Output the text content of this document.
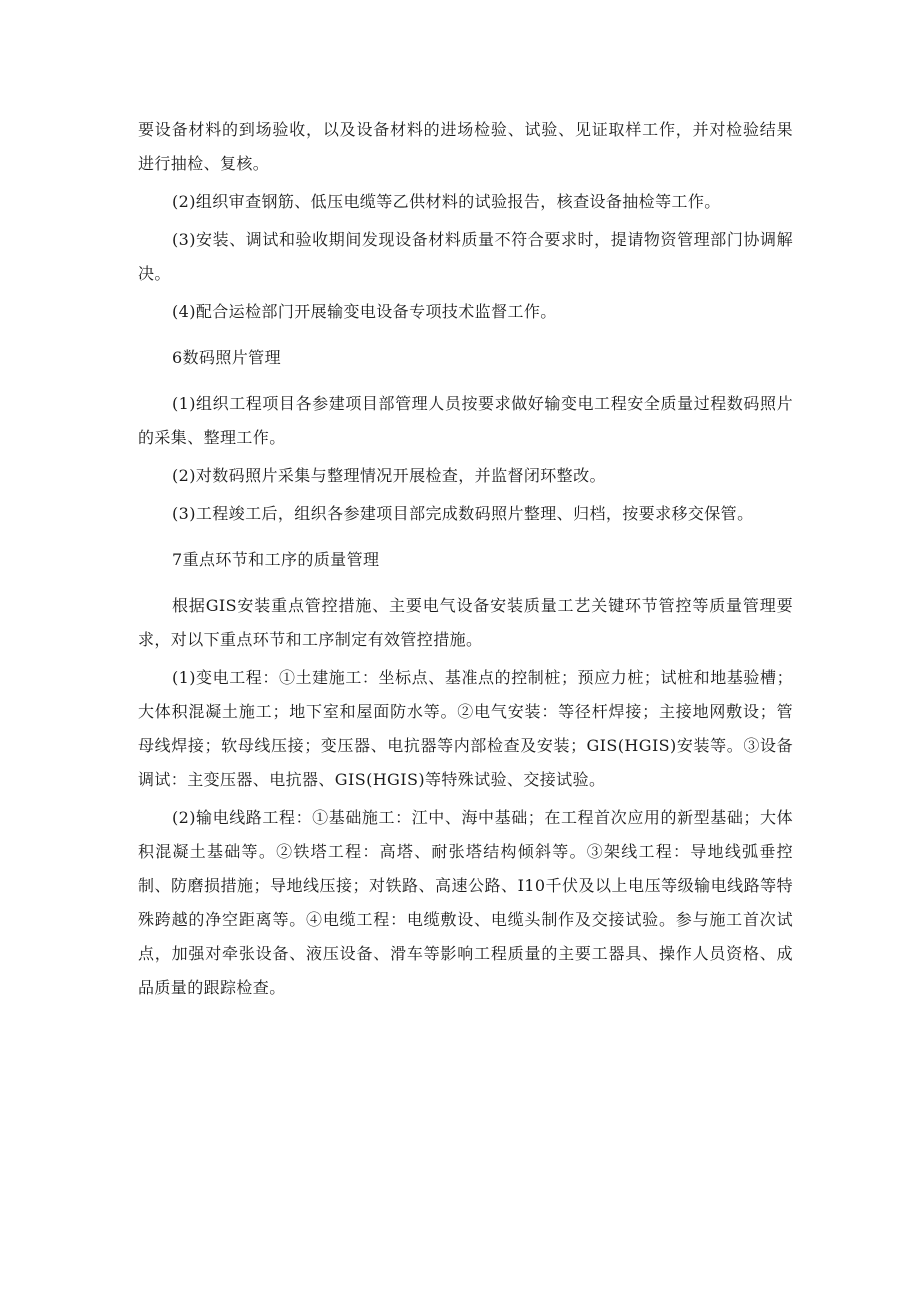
要设备材料的到场验收，以及设备材料的进场检验、试验、见证取样工作，并对检验结果进行抽检、复核。

(2)组织审查钢筋、低压电缆等乙供材料的试验报告，核查设备抽检等工作。

(3)安装、调试和验收期间发现设备材料质量不符合要求时，提请物资管理部门协调解决。

(4)配合运检部门开展输变电设备专项技术监督工作。

6数码照片管理

(1)组织工程项目各参建项目部管理人员按要求做好输变电工程安全质量过程数码照片的采集、整理工作。

(2)对数码照片采集与整理情况开展检查，并监督闭环整改。

(3)工程竣工后，组织各参建项目部完成数码照片整理、归档，按要求移交保管。

7重点环节和工序的质量管理

根据GIS安装重点管控措施、主要电气设备安装质量工艺关键环节管控等质量管理要求，对以下重点环节和工序制定有效管控措施。

(1)变电工程：①土建施工：坐标点、基准点的控制桩；预应力桩；试桩和地基验槽；大体积混凝土施工；地下室和屋面防水等。②电气安装：等径杆焊接；主接地网敷设；管母线焊接；软母线压接；变压器、电抗器等内部检查及安装；GIS(HGIS)安装等。③设备调试：主变压器、电抗器、GIS(HGIS)等特殊试验、交接试验。

(2)输电线路工程：①基础施工：江中、海中基础；在工程首次应用的新型基础；大体积混凝土基础等。②铁塔工程：高塔、耐张塔结构倾斜等。③架线工程：导地线弧垂控制、防磨损措施；导地线压接；对铁路、高速公路、I10千伏及以上电压等级输电线路等特殊跨越的净空距离等。④电缆工程：电缆敷设、电缆头制作及交接试验。参与施工首次试点，加强对牵张设备、液压设备、滑车等影响工程质量的主要工器具、操作人员资格、成品质量的跟踪检查。
